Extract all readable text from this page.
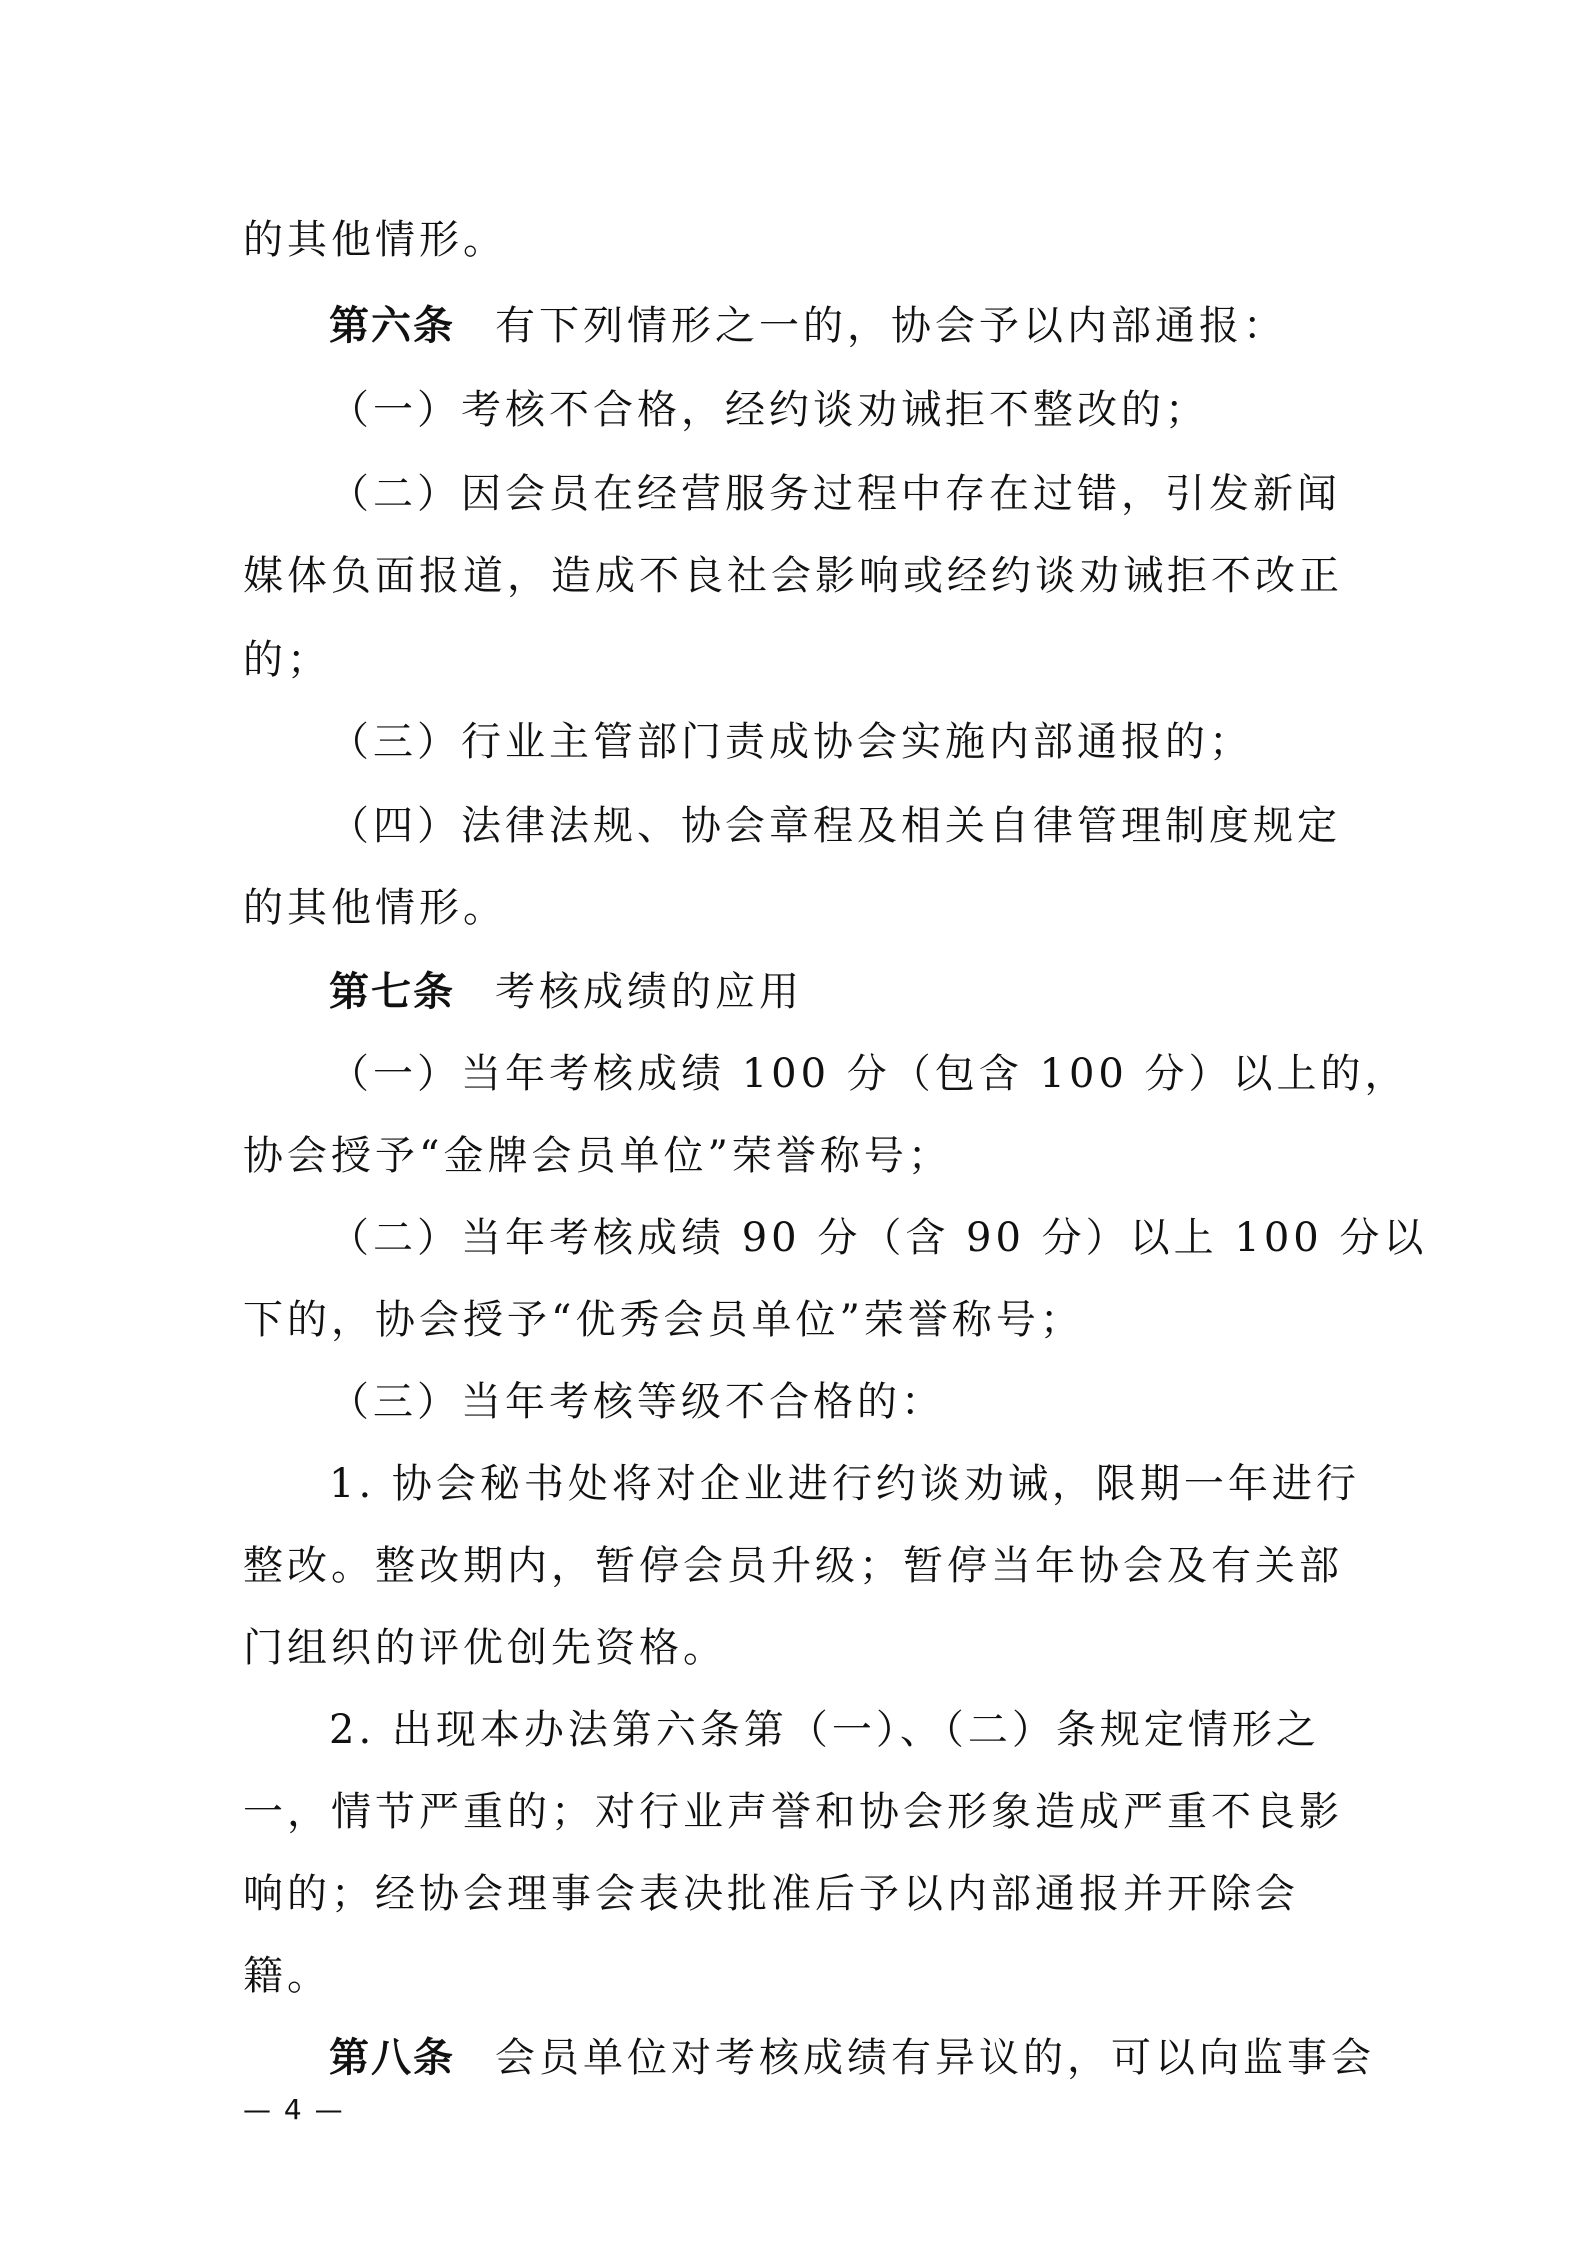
的其他情形。
第六条 有下列情形之一的，协会予以内部通报：
（一）考核不合格，经约谈劝诫拒不整改的；
（二）因会员在经营服务过程中存在过错，引发新闻
媒体负面报道，造成不良社会影响或经约谈劝诫拒不改正
的；
（三）行业主管部门责成协会实施内部通报的；
（四）法律法规、协会章程及相关自律管理制度规定
的其他情形。
第七条 考核成绩的应用
（一）当年考核成绩 100 分（包含 100 分）以上的，
协会授予“金牌会员单位”荣誉称号；
（二）当年考核成绩 90 分（含 90 分）以上 100 分以
下的，协会授予“优秀会员单位”荣誉称号；
（三）当年考核等级不合格的：
1. 协会秘书处将对企业进行约谈劝诫，限期一年进行
整改。整改期内，暂停会员升级；暂停当年协会及有关部
门组织的评优创先资格。
2. 出现本办法第六条第（一）、（二）条规定情形之
一，情节严重的；对行业声誉和协会形象造成严重不良影
响的；经协会理事会表决批准后予以内部通报并开除会
籍。
第八条 会员单位对考核成绩有异议的，可以向监事会
— 4 —
